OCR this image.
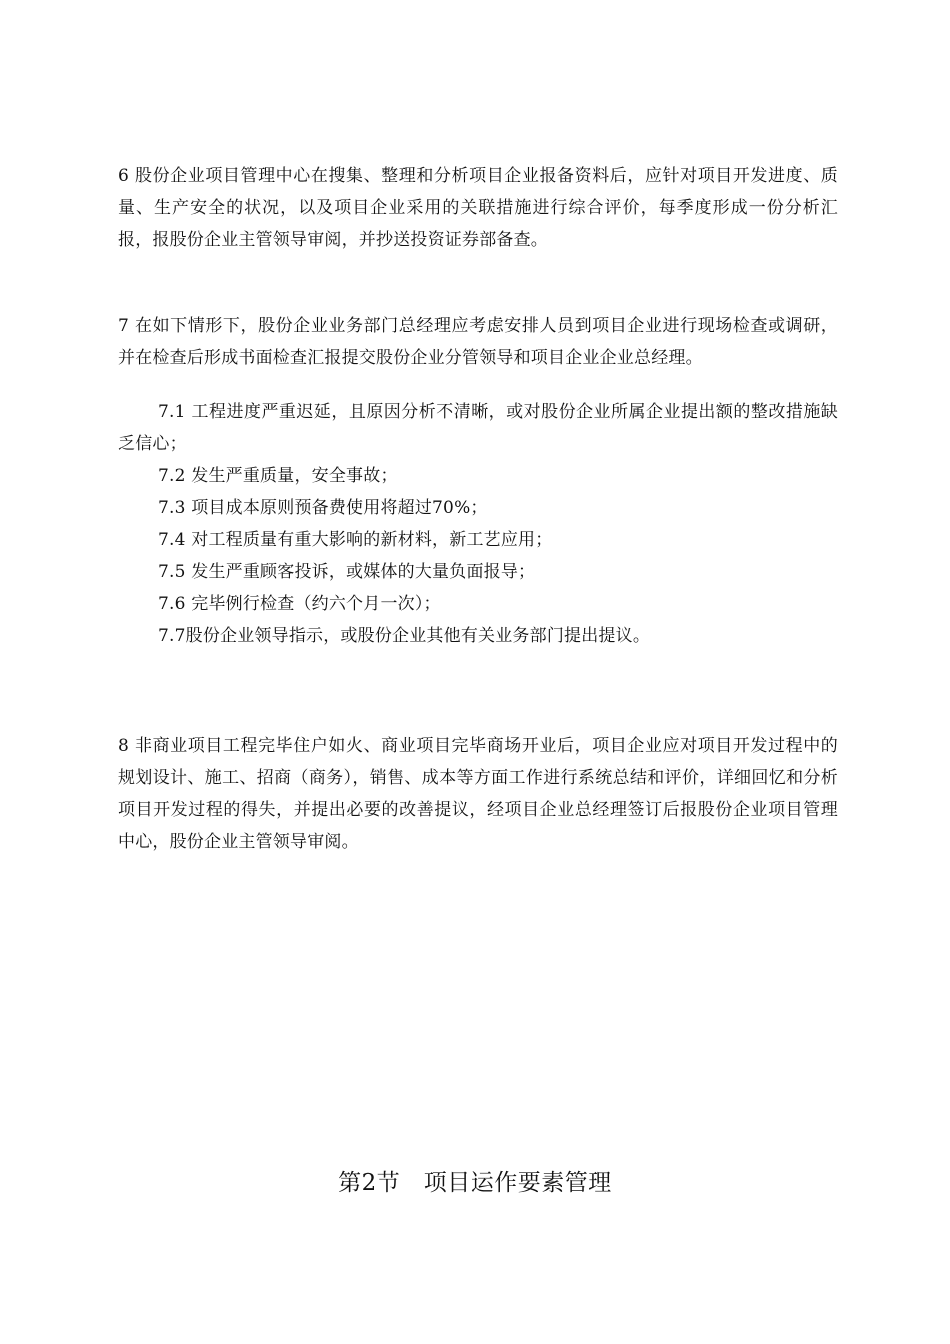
6 股份企业项目管理中心在搜集、整理和分析项目企业报备资料后，应针对项目开发进度、质量、生产安全的状况，以及项目企业采用的关联措施进行综合评价，每季度形成一份分析汇报，报股份企业主管领导审阅，并抄送投资证券部备查。

7 在如下情形下，股份企业业务部门总经理应考虑安排人员到项目企业进行现场检查或调研，并在检查后形成书面检查汇报提交股份企业分管领导和项目企业企业总经理。

7.1 工程进度严重迟延，且原因分析不清晰，或对股份企业所属企业提出额的整改措施缺乏信心；

7.2 发生严重质量，安全事故；

7.3 项目成本原则预备费使用将超过70%；

7.4 对工程质量有重大影响的新材料，新工艺应用；

7.5 发生严重顾客投诉，或媒体的大量负面报导；

7.6 完毕例行检查（约六个月一次）；

7.7股份企业领导指示，或股份企业其他有关业务部门提出提议。

8 非商业项目工程完毕住户如火、商业项目完毕商场开业后，项目企业应对项目开发过程中的规划设计、施工、招商（商务），销售、成本等方面工作进行系统总结和评价，详细回忆和分析项目开发过程的得失，并提出必要的改善提议，经项目企业总经理签订后报股份企业项目管理中心，股份企业主管领导审阅。

第2节　项目运作要素管理
